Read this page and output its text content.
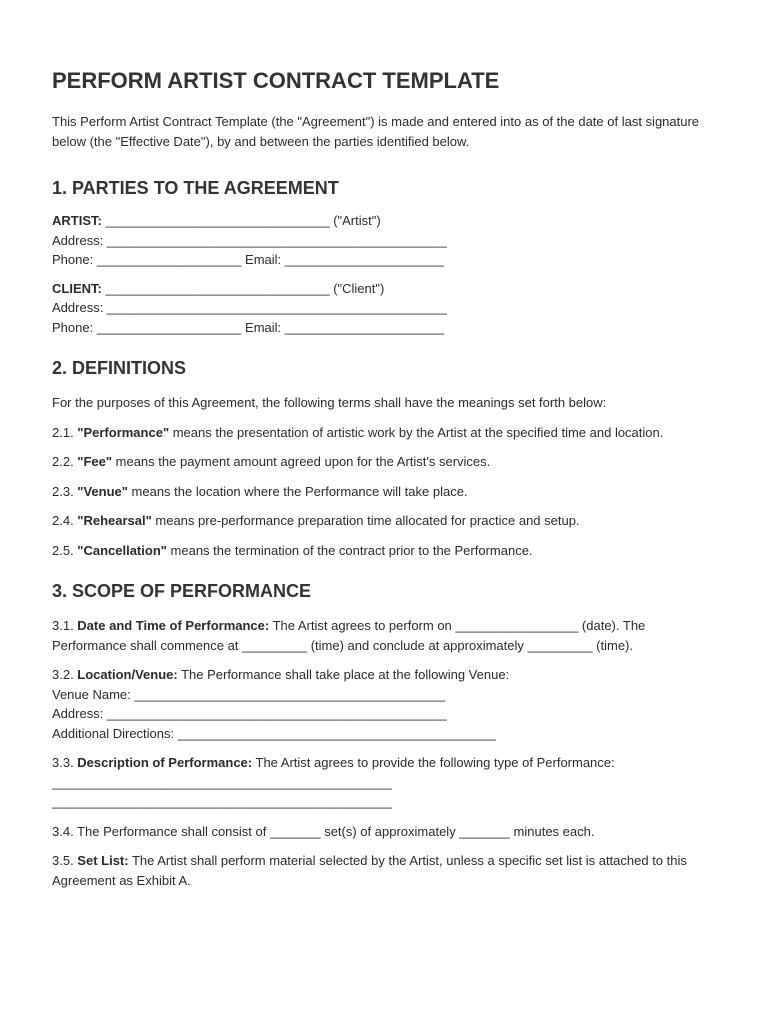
PERFORM ARTIST CONTRACT TEMPLATE

This Perform Artist Contract Template (the "Agreement") is made and entered into as of the date of last signature below (the "Effective Date"), by and between the parties identified below.

1. PARTIES TO THE AGREEMENT
ARTIST: _______________________________ ("Artist")
Address: _______________________________________________
Phone: ____________________ Email: ______________________
CLIENT: _______________________________ ("Client")
Address: _______________________________________________
Phone: ____________________ Email: ______________________
2. DEFINITIONS

For the purposes of this Agreement, the following terms shall have the meanings set forth below:

2.1. "Performance" means the presentation of artistic work by the Artist at the specified time and location.

2.2. "Fee" means the payment amount agreed upon for the Artist's services.

2.3. "Venue" means the location where the Performance will take place.

2.4. "Rehearsal" means pre-performance preparation time allocated for practice and setup.

2.5. "Cancellation" means the termination of the contract prior to the Performance.

3. SCOPE OF PERFORMANCE

3.1. Date and Time of Performance: The Artist agrees to perform on _________________ (date). The Performance shall commence at _________ (time) and conclude at approximately _________ (time).

3.2. Location/Venue: The Performance shall take place at the following Venue:
Venue Name: ___________________________________________
Address: _______________________________________________
Additional Directions: ____________________________________________
3.3. Description of Performance: The Artist agrees to provide the following type of Performance:
_______________________________________________
_______________________________________________

3.4. The Performance shall consist of _______ set(s) of approximately _______ minutes each.

3.5. Set List: The Artist shall perform material selected by the Artist, unless a specific set list is attached to this Agreement as Exhibit A.
